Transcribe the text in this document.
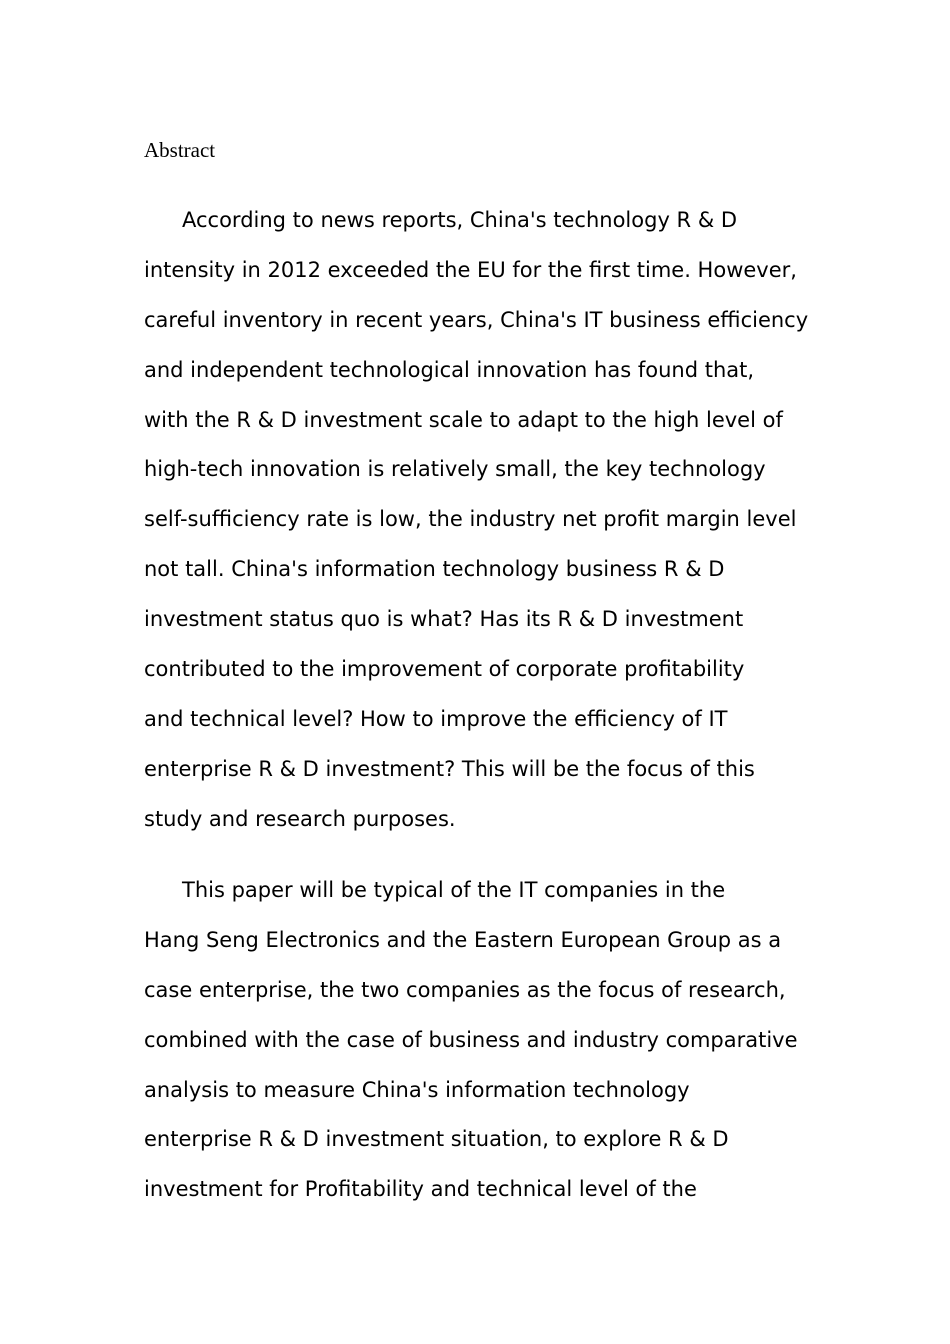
Abstract

According to news reports, China's technology R & D
intensity in 2012 exceeded the EU for the first time. However,
careful inventory in recent years, China's IT business efficiency
and independent technological innovation has found that,
with the R & D investment scale to adapt to the high level of
high-tech innovation is relatively small, the key technology
self-sufficiency rate is low, the industry net profit margin level
not tall. China's information technology business R & D
investment status quo is what? Has its R & D investment
contributed to the improvement of corporate profitability
and technical level? How to improve the efficiency of IT
enterprise R & D investment? This will be the focus of this
study and research purposes.

This paper will be typical of the IT companies in the
Hang Seng Electronics and the Eastern European Group as a
case enterprise, the two companies as the focus of research,
combined with the case of business and industry comparative
analysis to measure China's information technology
enterprise R & D investment situation, to explore R & D
investment for Profitability and technical level of the
